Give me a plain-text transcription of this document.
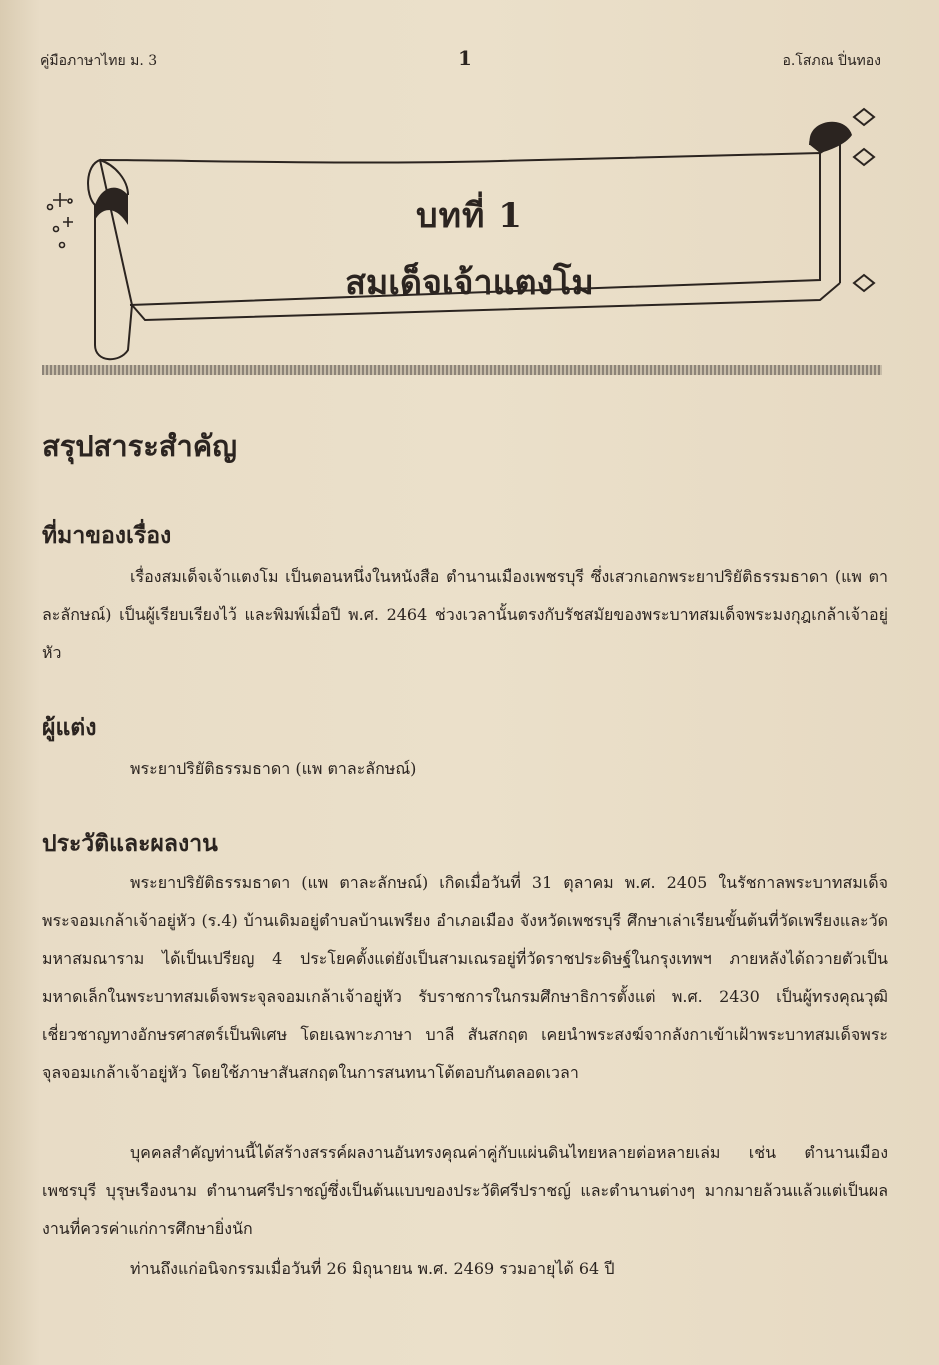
คู่มือภาษาไทย ม. 3	1	อ.โสภณ ปิ่นทอง
บทที่ 1
สมเด็จเจ้าแตงโม
สรุปสาระสำคัญ
ที่มาของเรื่อง

เรื่องสมเด็จเจ้าแตงโม เป็นตอนหนึ่งในหนังสือ ตำนานเมืองเพชรบุรี ซึ่งเสวกเอกพระยาปริยัติธรรมธาดา (แพ ตาละลักษณ์) เป็นผู้เรียบเรียงไว้ และพิมพ์เมื่อปี พ.ศ. 2464 ช่วงเวลานั้นตรงกับรัชสมัยของพระบาทสมเด็จพระมงกุฎเกล้าเจ้าอยู่หัว

ผู้แต่ง

พระยาปริยัติธรรมธาดา (แพ ตาละลักษณ์)

ประวัติและผลงาน

พระยาปริยัติธรรมธาดา (แพ ตาละลักษณ์) เกิดเมื่อวันที่ 31 ตุลาคม พ.ศ. 2405 ในรัชกาลพระบาทสมเด็จพระจอมเกล้าเจ้าอยู่หัว (ร.4) บ้านเดิมอยู่ตำบลบ้านเพรียง อำเภอเมือง จังหวัดเพชรบุรี ศึกษาเล่าเรียนขั้นต้นที่วัดเพรียงและวัดมหาสมณาราม ได้เป็นเปรียญ 4 ประโยคตั้งแต่ยังเป็นสามเณรอยู่ที่วัดราชประดิษฐ์ในกรุงเทพฯ ภายหลังได้ถวายตัวเป็นมหาดเล็กในพระบาทสมเด็จพระจุลจอมเกล้าเจ้าอยู่หัว รับราชการในกรมศึกษาธิการตั้งแต่ พ.ศ. 2430 เป็นผู้ทรงคุณวุฒิเชี่ยวชาญทางอักษรศาสตร์เป็นพิเศษ โดยเฉพาะภาษา บาลี สันสกฤต เคยนำพระสงฆ์จากลังกาเข้าเฝ้าพระบาทสมเด็จพระจุลจอมเกล้าเจ้าอยู่หัว โดยใช้ภาษาสันสกฤตในการสนทนาโต้ตอบกันตลอดเวลา

บุคคลสำคัญท่านนี้ได้สร้างสรรค์ผลงานอันทรงคุณค่าคู่กับแผ่นดินไทยหลายต่อหลายเล่ม เช่น ตำนานเมืองเพชรบุรี บุรุษเรืองนาม ตำนานศรีปราชญ์ซึ่งเป็นต้นแบบของประวัติศรีปราชญ์ และตำนานต่างๆ มากมายล้วนแล้วแต่เป็นผลงานที่ควรค่าแก่การศึกษายิ่งนัก

ท่านถึงแก่อนิจกรรมเมื่อวันที่ 26 มิถุนายน พ.ศ. 2469 รวมอายุได้ 64 ปี
